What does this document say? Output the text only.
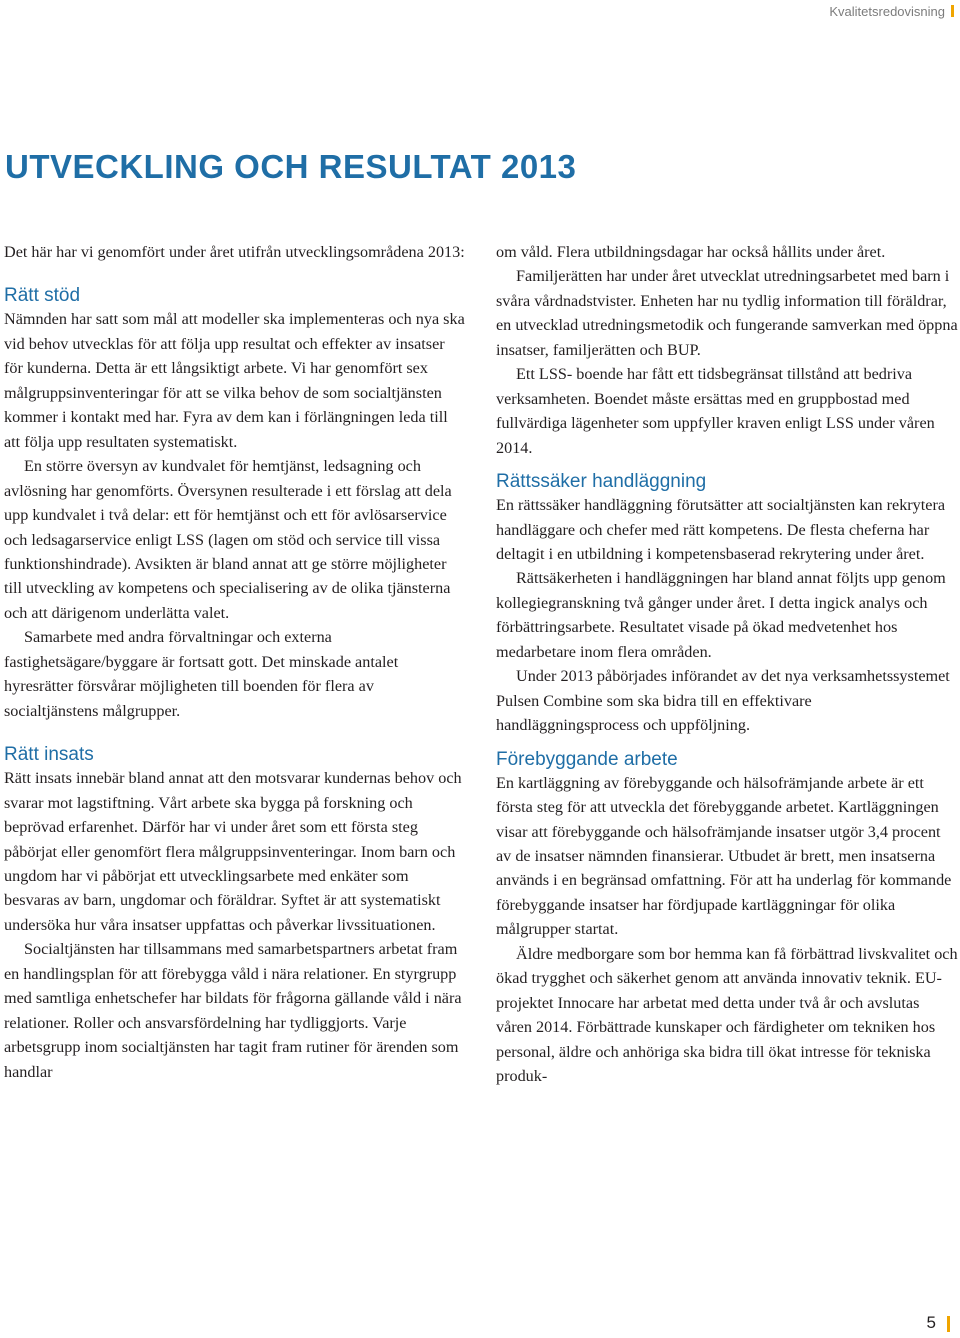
Kvalitetsredovisning
UTVECKLING OCH RESULTAT 2013

Det här har vi genomfört under året utifrån utvecklingsområdena 2013:

Rätt stöd

Nämnden har satt som mål att modeller ska implementeras och nya ska vid behov utvecklas för att följa upp resultat och effekter av insatser för kunderna. Detta är ett långsiktigt arbete. Vi har genomfört sex målgruppsinventeringar för att se vilka behov de som socialtjänsten kommer i kontakt med har. Fyra av dem kan i förlängningen leda till att följa upp resultaten systematiskt.

En större översyn av kundvalet för hemtjänst, ledsagning och avlösning har genomförts. Översynen resulterade i ett förslag att dela upp kundvalet i två delar: ett för hemtjänst och ett för avlösarservice och ledsagarservice enligt LSS (lagen om stöd och service till vissa funktionshindrade). Avsikten är bland annat att ge större möjligheter till utveckling av kompetens och specialisering av de olika tjänsterna och att därigenom underlätta valet.

Samarbete med andra förvaltningar och externa fastighetsägare/byggare är fortsatt gott. Det minskade antalet hyresrätter försvårar möjligheten till boenden för flera av socialtjänstens målgrupper.

Rätt insats

Rätt insats innebär bland annat att den motsvarar kundernas behov och svarar mot lagstiftning. Vårt arbete ska bygga på forskning och beprövad erfarenhet. Därför har vi under året som ett första steg påbörjat eller genomfört flera målgruppsinventeringar. Inom barn och ungdom har vi påbörjat ett utvecklingsarbete med enkäter som besvaras av barn, ungdomar och föräldrar. Syftet är att systematiskt undersöka hur våra insatser uppfattas och påverkar livssituationen.

Socialtjänsten har tillsammans med samarbetspartners arbetat fram en handlingsplan för att förebygga våld i nära relationer. En styrgrupp med samtliga enhetschefer har bildats för frågorna gällande våld i nära relationer. Roller och ansvarsfördelning har tydliggjorts. Varje arbetsgrupp inom socialtjänsten har tagit fram rutiner för ärenden som handlar

om våld. Flera utbildningsdagar har också hållits under året.

Familjerätten har under året utvecklat utredningsarbetet med barn i svåra vårdnadstvister. Enheten har nu tydlig information till föräldrar, en utvecklad utredningsmetodik och fungerande samverkan med öppna insatser, familjerätten och BUP.

Ett LSS- boende har fått ett tidsbegränsat tillstånd att bedriva verksamheten. Boendet måste ersättas med en gruppbostad med fullvärdiga lägenheter som uppfyller kraven enligt LSS under våren 2014.

Rättssäker handläggning

En rättssäker handläggning förutsätter att socialtjänsten kan rekrytera handläggare och chefer med rätt kompetens. De flesta cheferna har deltagit i en utbildning i kompetensbaserad rekrytering under året.

Rättsäkerheten i handläggningen har bland annat följts upp genom kollegiegranskning två gånger under året. I detta ingick analys och förbättringsarbete. Resultatet visade på ökad medvetenhet hos medarbetare inom flera områden.

Under 2013 påbörjades införandet av det nya verksamhetssystemet Pulsen Combine som ska bidra till en effektivare handläggningsprocess och uppföljning.

Förebyggande arbete

En kartläggning av förebyggande och hälsofrämjande arbete är ett första steg för att utveckla det förebyggande arbetet. Kartläggningen visar att förebyggande och hälsofrämjande insatser utgör 3,4 procent av de insatser nämnden finansierar. Utbudet är brett, men insatserna används i en begränsad omfattning. För att ha underlag för kommande förebyggande insatser har fördjupade kartläggningar för olika målgrupper startat.

Äldre medborgare som bor hemma kan få förbättrad livskvalitet och ökad trygghet och säkerhet genom att använda innovativ teknik. EU-projektet Innocare har arbetat med detta under två år och avslutas våren 2014. Förbättrade kunskaper och färdigheter om tekniken hos personal, äldre och anhöriga ska bidra till ökat intresse för tekniska produk-

5
